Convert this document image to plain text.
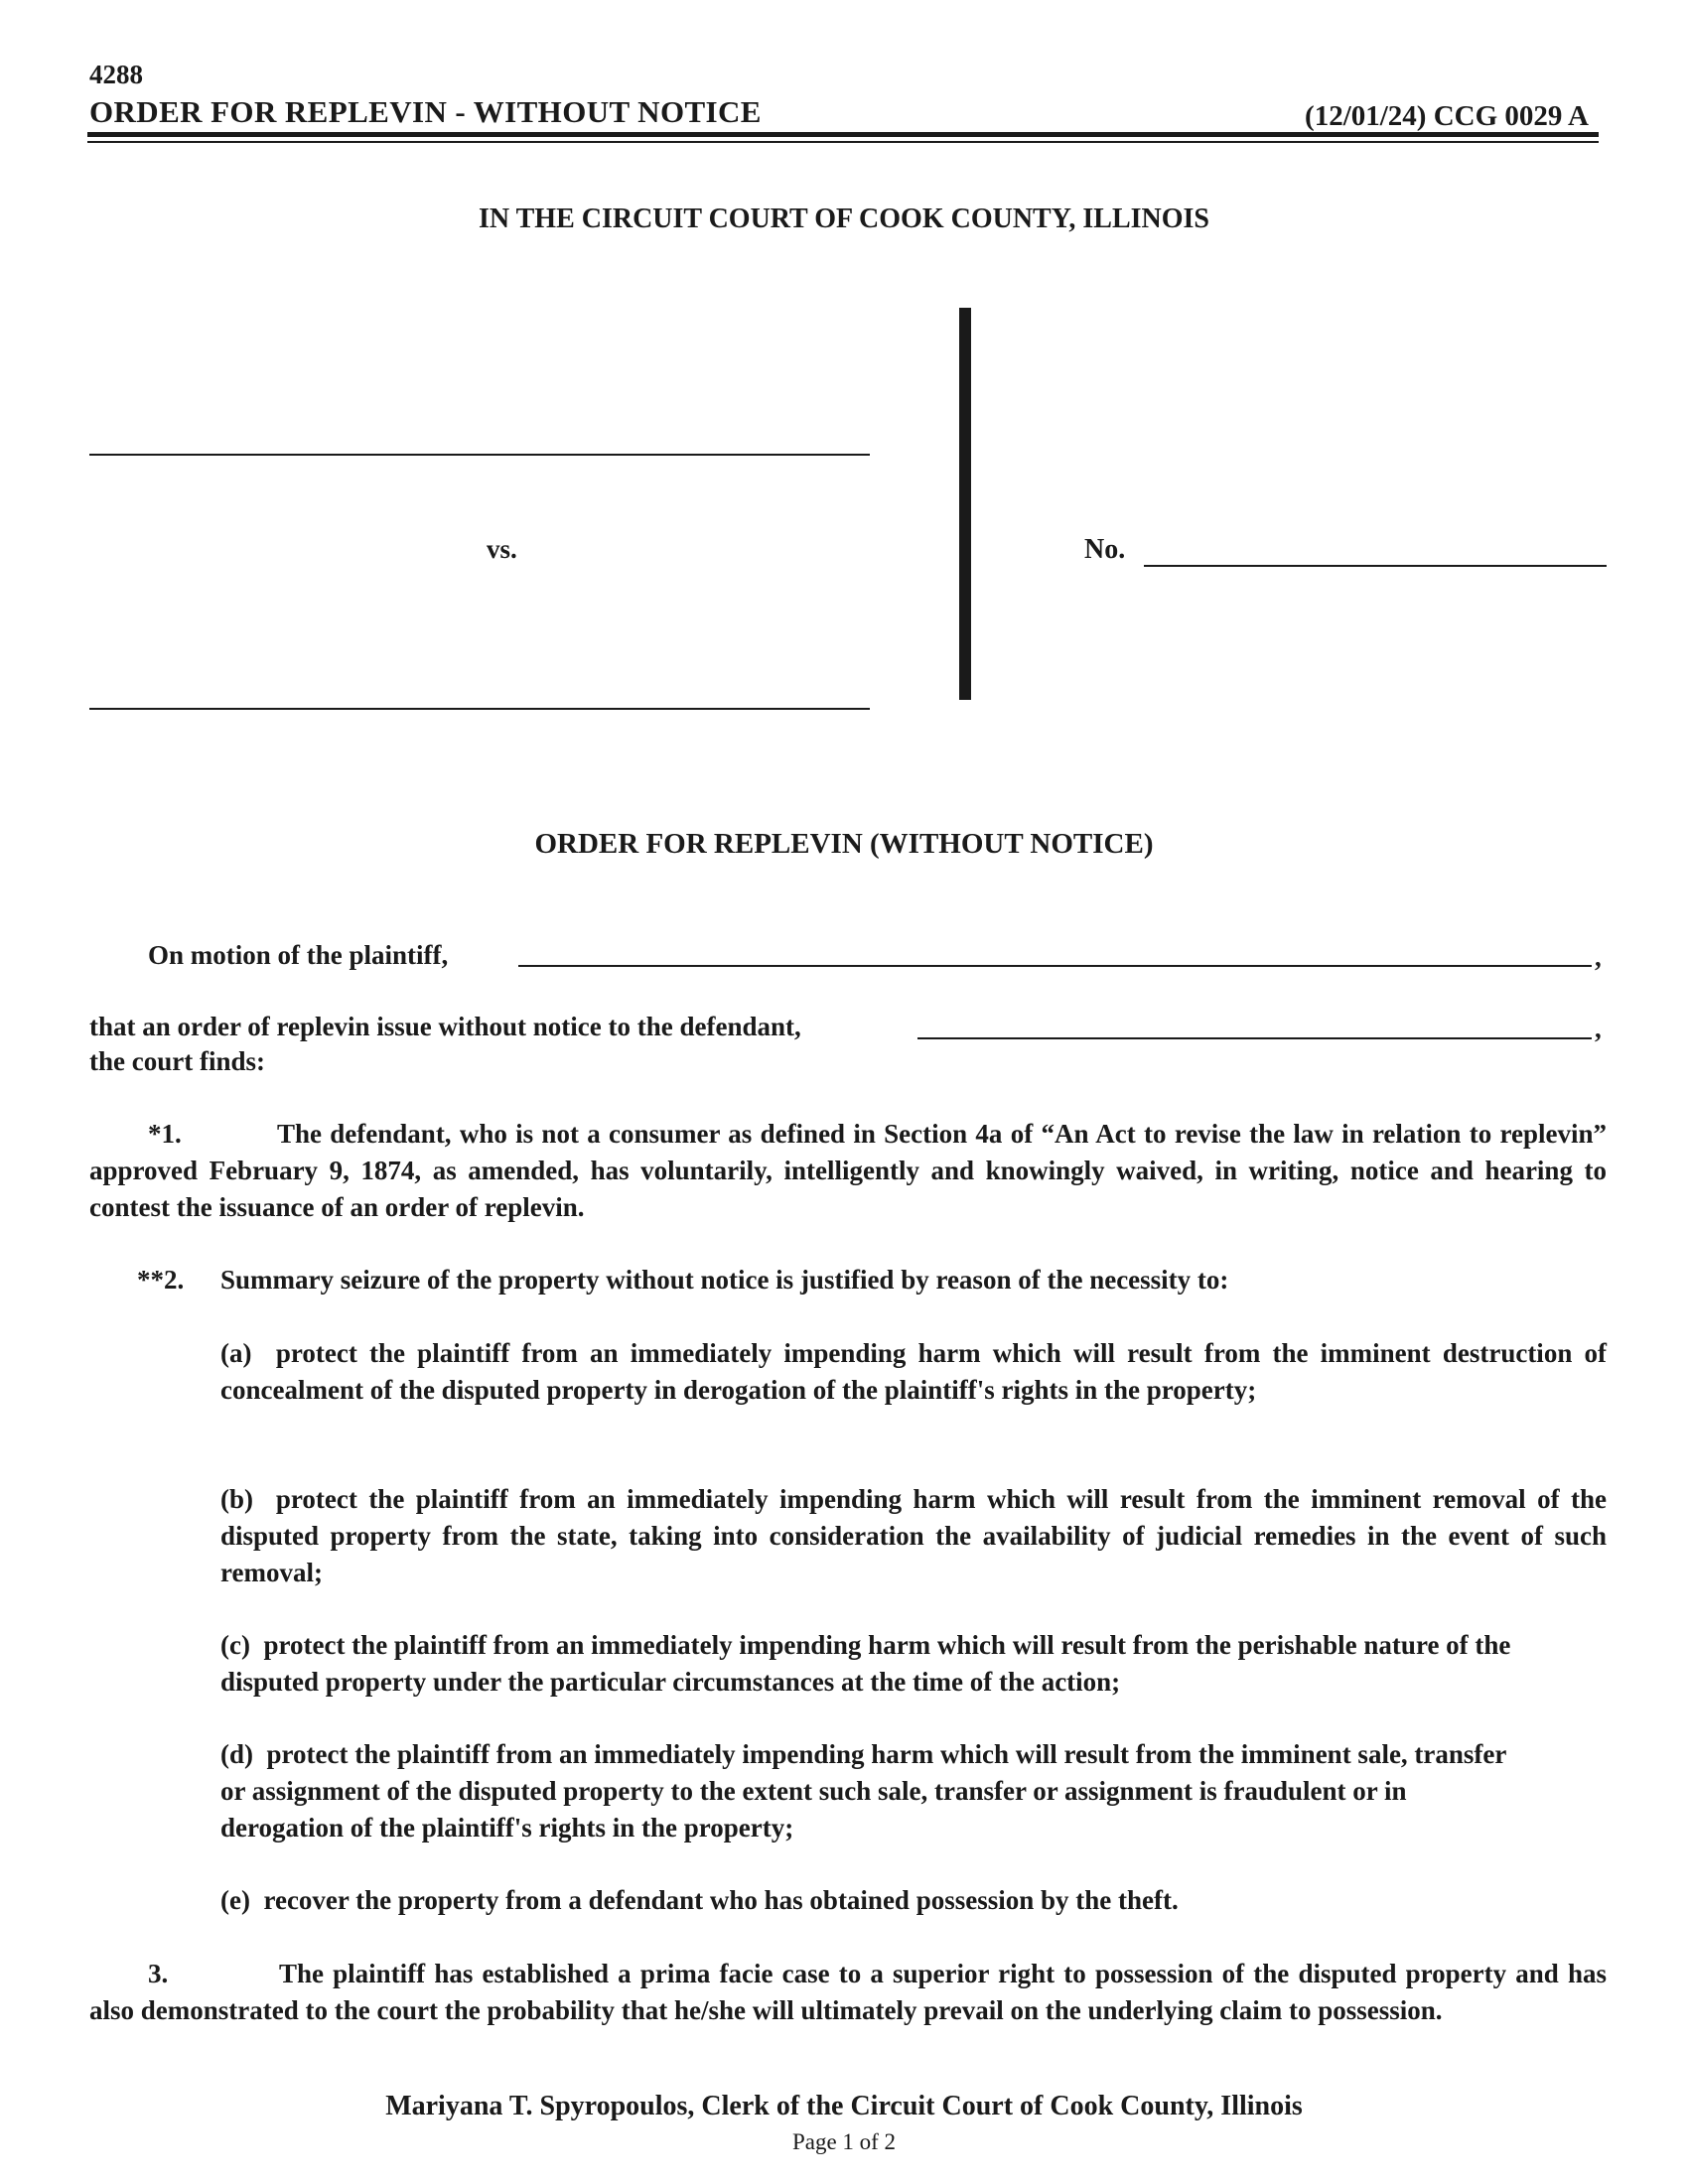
4288
ORDER FOR REPLEVIN - WITHOUT NOTICE	(12/01/24) CCG 0029 A
IN THE CIRCUIT COURT OF COOK COUNTY, ILLINOIS
vs.	No.
ORDER FOR REPLEVIN (WITHOUT NOTICE)
On motion of the plaintiff,	,
that an order of replevin issue without notice to the defendant,	,
the court finds:
*1.	The defendant, who is not a consumer as defined in Section 4a of “An Act to revise the law in relation to replevin” approved February 9, 1874, as amended, has voluntarily, intelligently and knowingly waived, in writing, notice and hearing to contest the issuance of an order of replevin.
**2. Summary seizure of the property without notice is justified by reason of the necessity to:
(a) protect the plaintiff from an immediately impending harm which will result from the imminent destruction of concealment of the disputed property in derogation of the plaintiff's rights in the property;
(b) protect the plaintiff from an immediately impending harm which will result from the imminent removal of the disputed property from the state, taking into consideration the availability of judicial remedies in the event of such removal;
(c) protect the plaintiff from an immediately impending harm which will result from the perishable nature of the disputed property under the particular circumstances at the time of the action;
(d) protect the plaintiff from an immediately impending harm which will result from the imminent sale, transfer or assignment of the disputed property to the extent such sale, transfer or assignment is fraudulent or in derogation of the plaintiff's rights in the property;
(e) recover the property from a defendant who has obtained possession by the theft.
3.	The plaintiff has established a prima facie case to a superior right to possession of the disputed property and has also demonstrated to the court the probability that he/she will ultimately prevail on the underlying claim to possession.
Mariyana T. Spyropoulos, Clerk of the Circuit Court of Cook County, Illinois
Page 1 of 2
